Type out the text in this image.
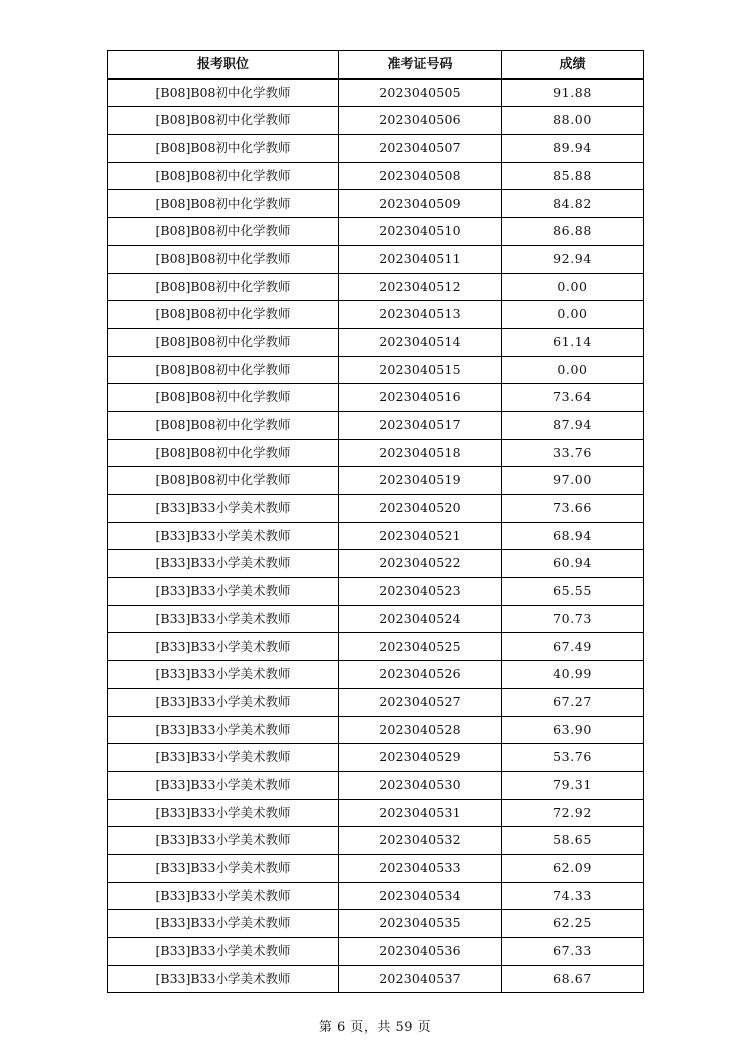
报考职位	准考证号码	成绩
[B08]B08初中化学教师	2023040505	91.88
[B08]B08初中化学教师	2023040506	88.00
[B08]B08初中化学教师	2023040507	89.94
[B08]B08初中化学教师	2023040508	85.88
[B08]B08初中化学教师	2023040509	84.82
[B08]B08初中化学教师	2023040510	86.88
[B08]B08初中化学教师	2023040511	92.94
[B08]B08初中化学教师	2023040512	0.00
[B08]B08初中化学教师	2023040513	0.00
[B08]B08初中化学教师	2023040514	61.14
[B08]B08初中化学教师	2023040515	0.00
[B08]B08初中化学教师	2023040516	73.64
[B08]B08初中化学教师	2023040517	87.94
[B08]B08初中化学教师	2023040518	33.76
[B08]B08初中化学教师	2023040519	97.00
[B33]B33小学美术教师	2023040520	73.66
[B33]B33小学美术教师	2023040521	68.94
[B33]B33小学美术教师	2023040522	60.94
[B33]B33小学美术教师	2023040523	65.55
[B33]B33小学美术教师	2023040524	70.73
[B33]B33小学美术教师	2023040525	67.49
[B33]B33小学美术教师	2023040526	40.99
[B33]B33小学美术教师	2023040527	67.27
[B33]B33小学美术教师	2023040528	63.90
[B33]B33小学美术教师	2023040529	53.76
[B33]B33小学美术教师	2023040530	79.31
[B33]B33小学美术教师	2023040531	72.92
[B33]B33小学美术教师	2023040532	58.65
[B33]B33小学美术教师	2023040533	62.09
[B33]B33小学美术教师	2023040534	74.33
[B33]B33小学美术教师	2023040535	62.25
[B33]B33小学美术教师	2023040536	67.33
[B33]B33小学美术教师	2023040537	68.67
第 6 页，共 59 页
